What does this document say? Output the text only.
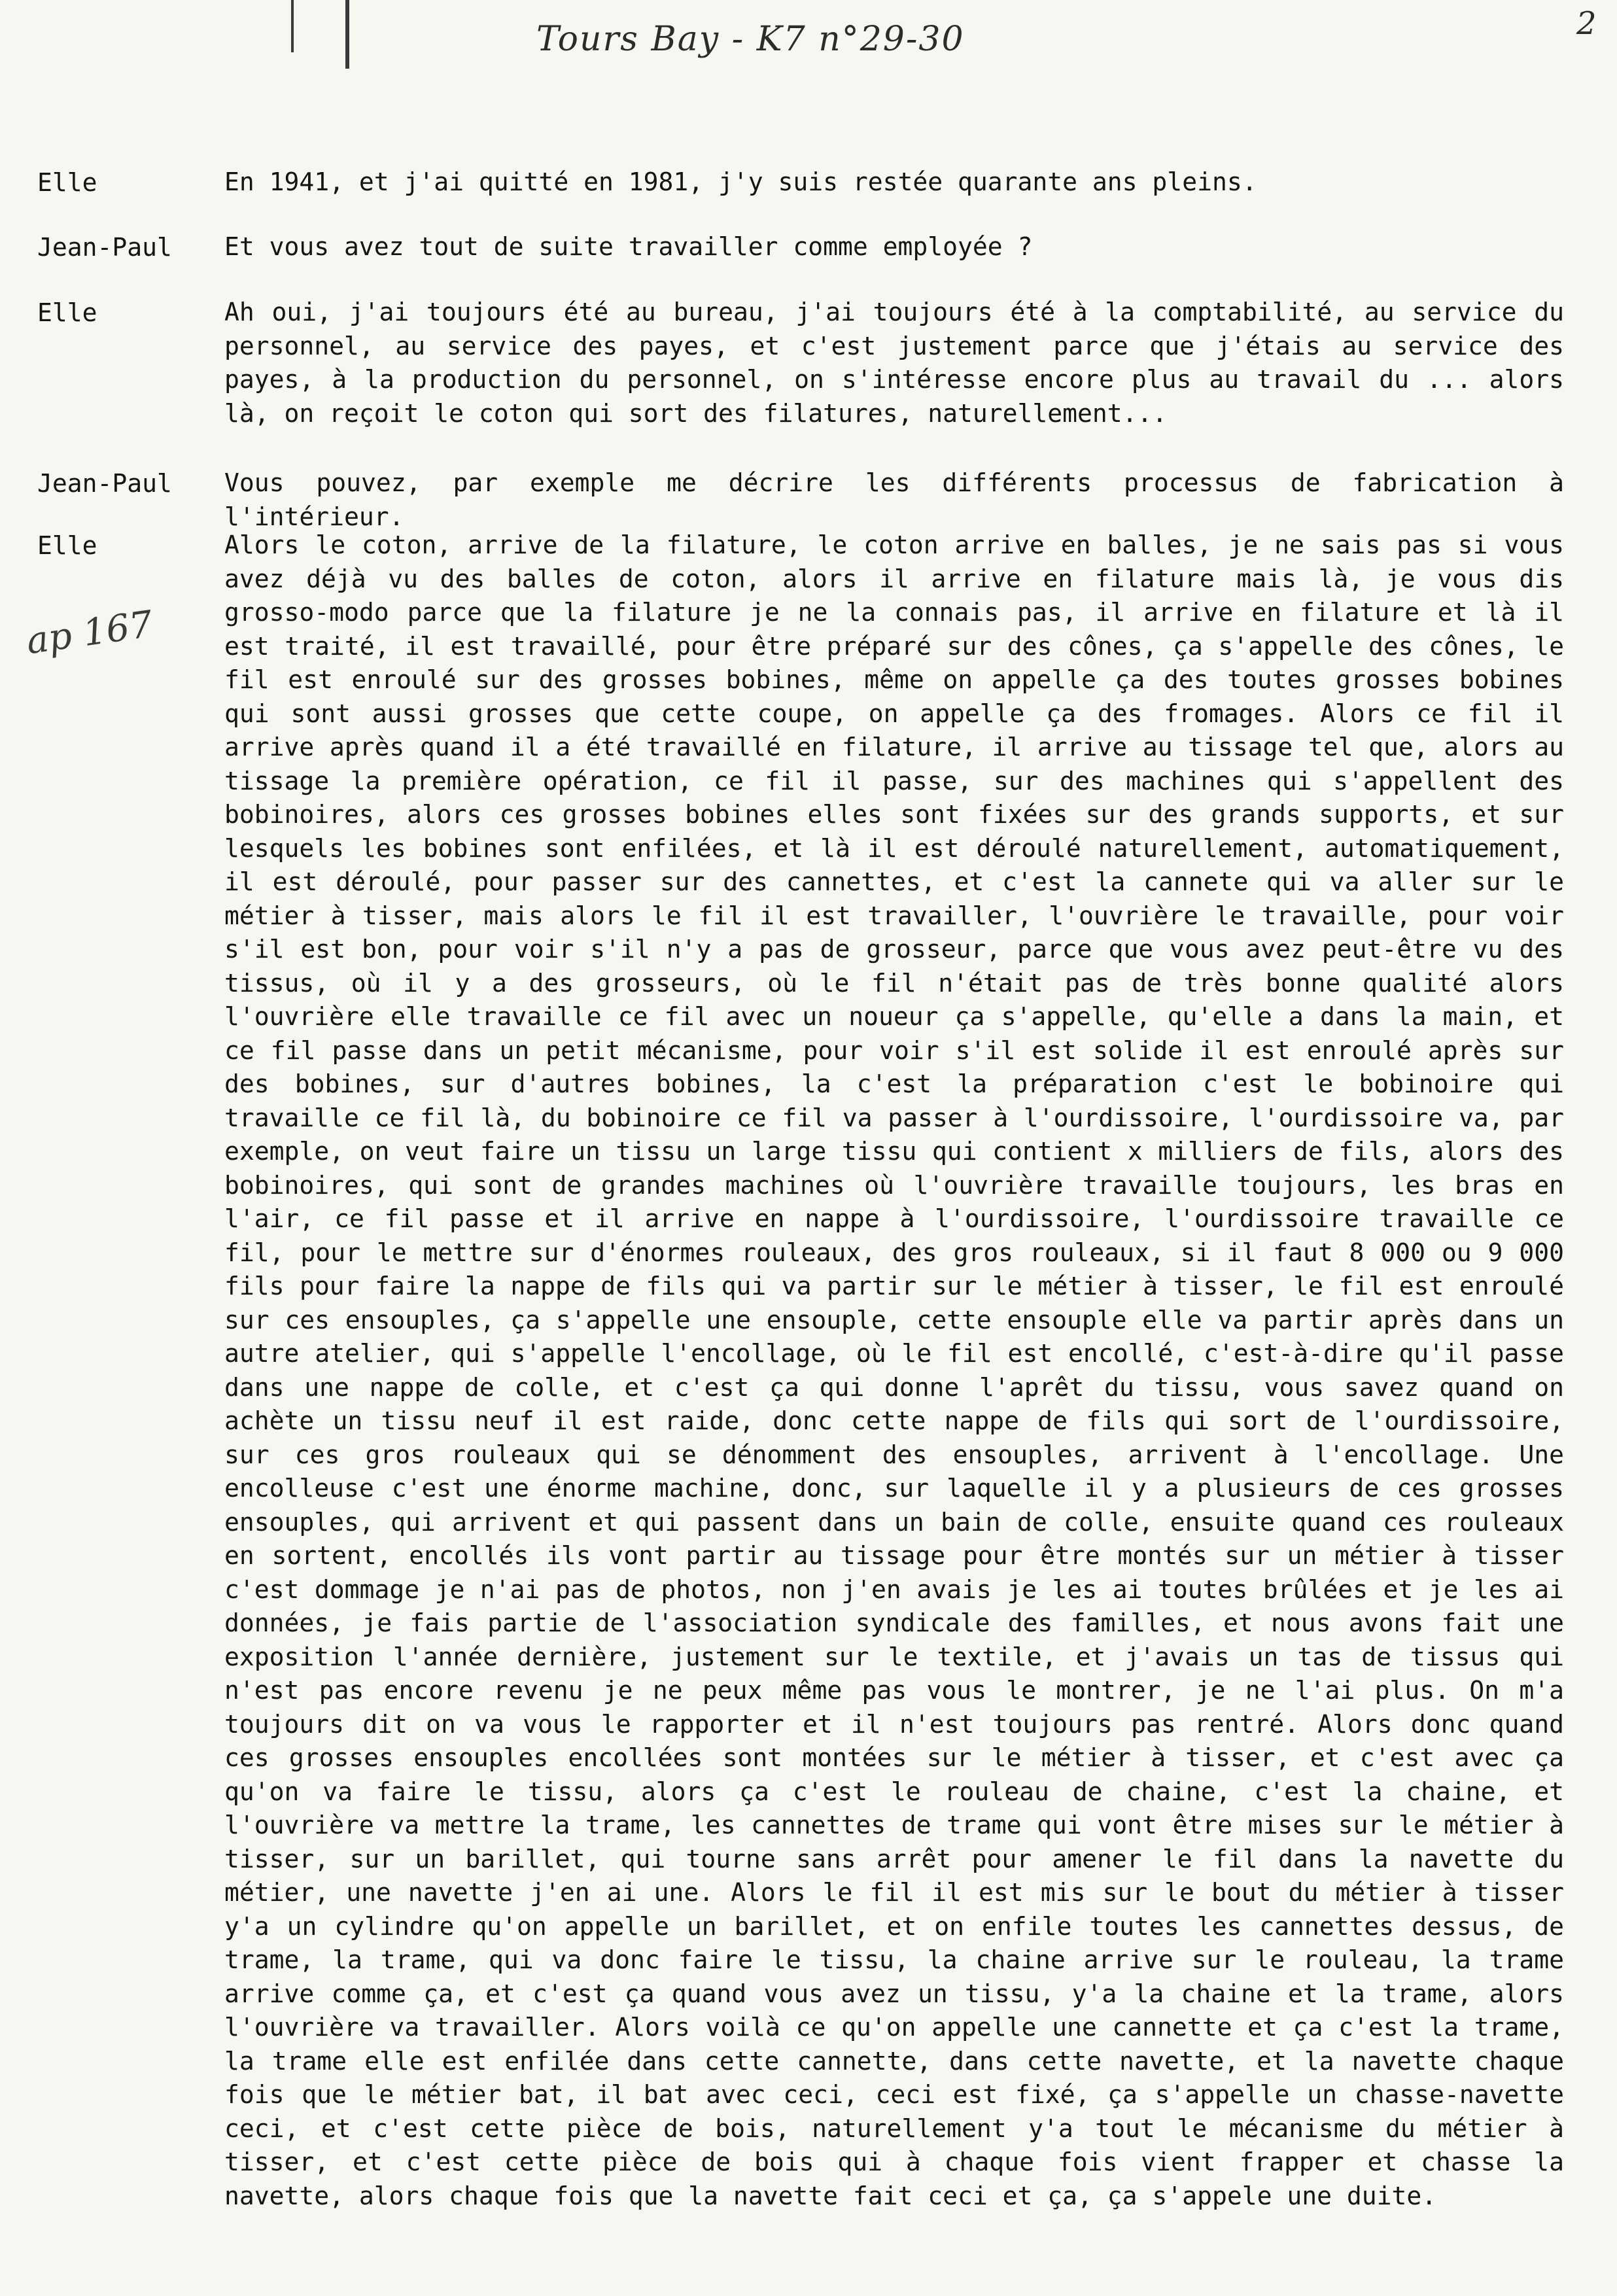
Tours Bay - K7 n°29-30	2
ap 167
Elle	En 1941, et j'ai quitté en 1981, j'y suis restée quarante ans pleins.
Jean-Paul Et vous avez tout de suite travailler comme employée ?
Elle	Ah oui, j'ai toujours été au bureau, j'ai toujours été à la comptabilité, au service du personnel, au service des payes, et c'est justement parce que j'étais au service des payes, à la production du personnel, on s'intéresse encore plus au travail du ... alors là, on reçoit le coton qui sort des filatures, naturellement...
Jean-Paul Vous pouvez, par exemple me décrire les différents processus de fabrication à l'intérieur.
Elle	Alors le coton, arrive de la filature, le coton arrive en balles, je ne sais pas si vous avez déjà vu des balles de coton, alors il arrive en filature mais là, je vous dis grosso-modo parce que la filature je ne la connais pas, il arrive en filature et là il est traité, il est travaillé, pour être préparé sur des cônes, ça s'appelle des cônes, le fil est enroulé sur des grosses bobines, même on appelle ça des toutes grosses bobines qui sont aussi grosses que cette coupe, on appelle ça des fromages. Alors ce fil il arrive après quand il a été travaillé en filature, il arrive au tissage tel que, alors au tissage la première opération, ce fil il passe, sur des machines qui s'appellent des bobinoires, alors ces grosses bobines elles sont fixées sur des grands supports, et sur lesquels les bobines sont enfilées, et là il est déroulé naturellement, automatiquement, il est déroulé, pour passer sur des cannettes, et c'est la cannete qui va aller sur le métier à tisser, mais alors le fil il est travailler, l'ouvrière le travaille, pour voir s'il est bon, pour voir s'il n'y a pas de grosseur, parce que vous avez peut-être vu des tissus, où il y a des grosseurs, où le fil n'était pas de très bonne qualité alors l'ouvrière elle travaille ce fil avec un noueur ça s'appelle, qu'elle a dans la main, et ce fil passe dans un petit mécanisme, pour voir s'il est solide il est enroulé après sur des bobines, sur d'autres bobines, la c'est la préparation c'est le bobinoire qui travaille ce fil là, du bobinoire ce fil va passer à l'ourdissoire, l'ourdissoire va, par exemple, on veut faire un tissu un large tissu qui contient x milliers de fils, alors des bobinoires, qui sont de grandes machines où l'ouvrière travaille toujours, les bras en l'air, ce fil passe et il arrive en nappe à l'ourdissoire, l'ourdissoire travaille ce fil, pour le mettre sur d'énormes rouleaux, des gros rouleaux, si il faut 8 000 ou 9 000 fils pour faire la nappe de fils qui va partir sur le métier à tisser, le fil est enroulé sur ces ensouples, ça s'appelle une ensouple, cette ensouple elle va partir après dans un autre atelier, qui s'appelle l'encollage, où le fil est encollé, c'est-à-dire qu'il passe dans une nappe de colle, et c'est ça qui donne l'aprêt du tissu, vous savez quand on achète un tissu neuf il est raide, donc cette nappe de fils qui sort de l'ourdissoire, sur ces gros rouleaux qui se dénomment des ensouples, arrivent à l'encollage. Une encolleuse c'est une énorme machine, donc, sur laquelle il y a plusieurs de ces grosses ensouples, qui arrivent et qui passent dans un bain de colle, ensuite quand ces rouleaux en sortent, encollés ils vont partir au tissage pour être montés sur un métier à tisser c'est dommage je n'ai pas de photos, non j'en avais je les ai toutes brûlées et je les ai données, je fais partie de l'association syndicale des familles, et nous avons fait une exposition l'année dernière, justement sur le textile, et j'avais un tas de tissus qui n'est pas encore revenu je ne peux même pas vous le montrer, je ne l'ai plus. On m'a toujours dit on va vous le rapporter et il n'est toujours pas rentré. Alors donc quand ces grosses ensouples encollées sont montées sur le métier à tisser, et c'est avec ça qu'on va faire le tissu, alors ça c'est le rouleau de chaine, c'est la chaine, et l'ouvrière va mettre la trame, les cannettes de trame qui vont être mises sur le métier à tisser, sur un barillet, qui tourne sans arrêt pour amener le fil dans la navette du métier, une navette j'en ai une. Alors le fil il est mis sur le bout du métier à tisser y'a un cylindre qu'on appelle un barillet, et on enfile toutes les cannettes dessus, de trame, la trame, qui va donc faire le tissu, la chaine arrive sur le rouleau, la trame arrive comme ça, et c'est ça quand vous avez un tissu, y'a la chaine et la trame, alors l'ouvrière va travailler. Alors voilà ce qu'on appelle une cannette et ça c'est la trame, la trame elle est enfilée dans cette cannette, dans cette navette, et la navette chaque fois que le métier bat, il bat avec ceci, ceci est fixé, ça s'appelle un chasse-navette ceci, et c'est cette pièce de bois, naturellement y'a tout le mécanisme du métier à tisser, et c'est cette pièce de bois qui à chaque fois vient frapper et chasse la navette, alors chaque fois que la navette fait ceci et ça, ça s'appele une duite.
